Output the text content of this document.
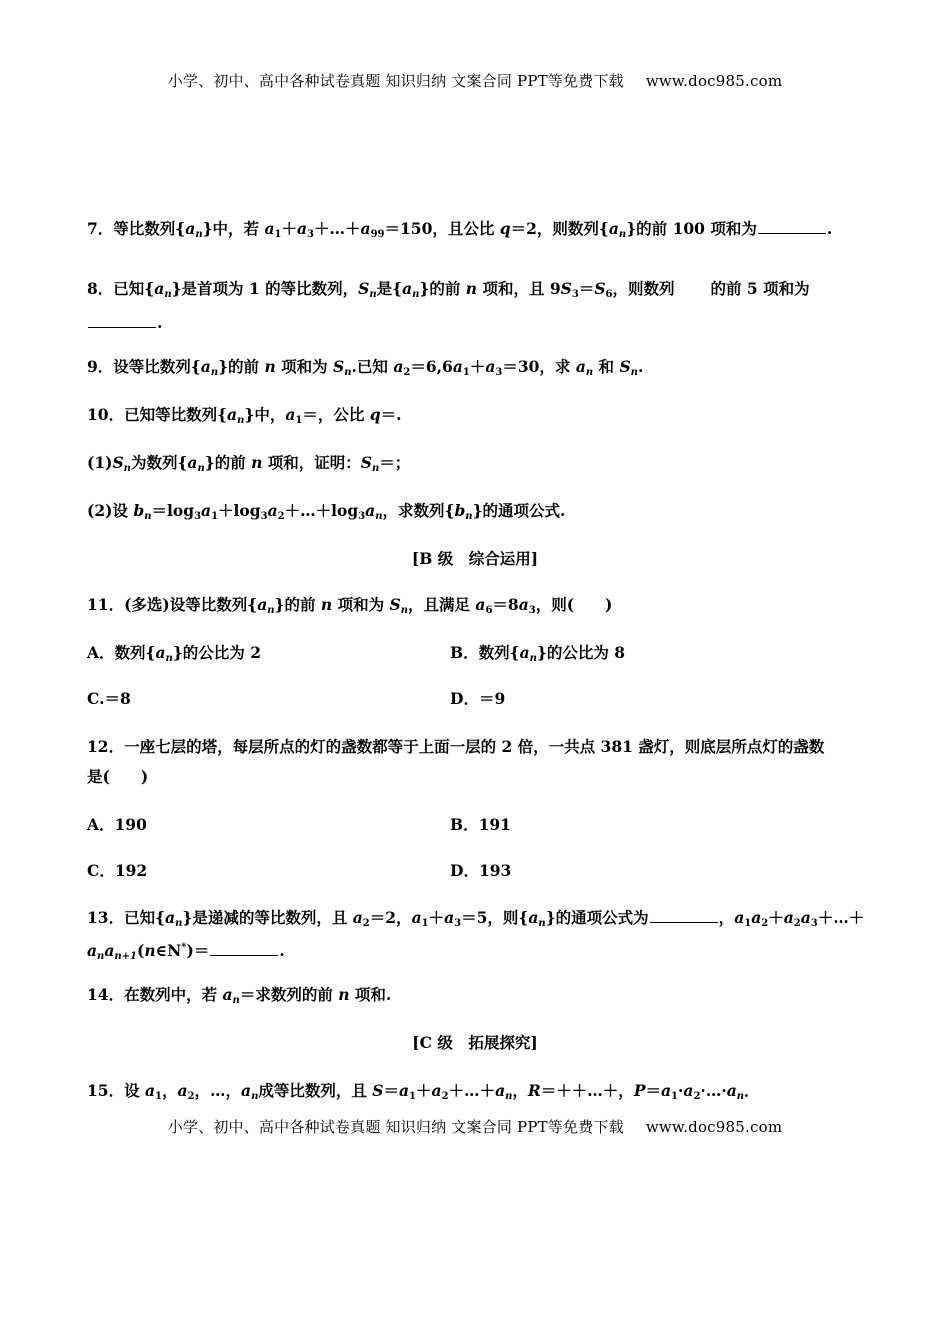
小学、初中、高中各种试卷真题 知识归纳 文案合同 PPT等免费下载 www.doc985.com
7．等比数列$\{a_n\}$中，若 $a_1+a_3+\dots+a_{99}=150$，且公比 q＝2，则数列$\{a_n\}$的前 100 项和为	.
8．已知$\{a_n\}$是首项为 1 的等比数列，$S_n$是$\{a_n\}$的前 n 项和，且 $9S_3=S_6$，则数列 的前 5 项和为
.
9．设等比数列$\{a_n\}$的前 n 项和为 $S_n$.已知 $a_2=6,6a_1+a_3=30$，求 $a_n$ 和 $S_n$.
10．已知等比数列$\{a_n\}$中，$a_1=$，公比 q＝.
$(1)S_n$为数列$\{a_n\}$的前 n 项和，证明：$S_n=$；
(2)设 $b_n=\log_3a_1+\log_3a_2+\dots+\log_3a_n$，求数列$\{b_n\}$的通项公式.
[B 级　综合运用]
11．(多选)设等比数列$\{a_n\}$的前 n 项和为 $S_n$，且满足 $a_6=8a_3$，则(　　)
A．数列$\{a_n\}$的公比为 2	B．数列$\{a_n\}$的公比为 8
C.＝8	D．＝9
12．一座七层的塔，每层所点的灯的盏数都等于上面一层的 2 倍，一共点 381 盏灯，则底层所点灯的盏数
是(　　)
A．190	B．191
C．192	D．193
13．已知$\{a_n\}$是递减的等比数列，且 $a_2=2$，$a_1+a_3=5$，则$\{a_n\}$的通项公式为	，$a_1a_2+a_2a_3+\dots+$
$a_na_{n+1}(n\in N^*)=$	.
14．在数列中，若 $a_n=$求数列的前 n 项和.
[C 级　拓展探究]
15．设 $a_1$，$a_2$，…，$a_n$成等比数列，且 $S=a_1+a_2+\dots+a_n$，R＝＋＋…＋，$P=a_1\cdot a_2\cdot\dots\cdot a_n$．
小学、初中、高中各种试卷真题 知识归纳 文案合同 PPT等免费下载 www.doc985.com
